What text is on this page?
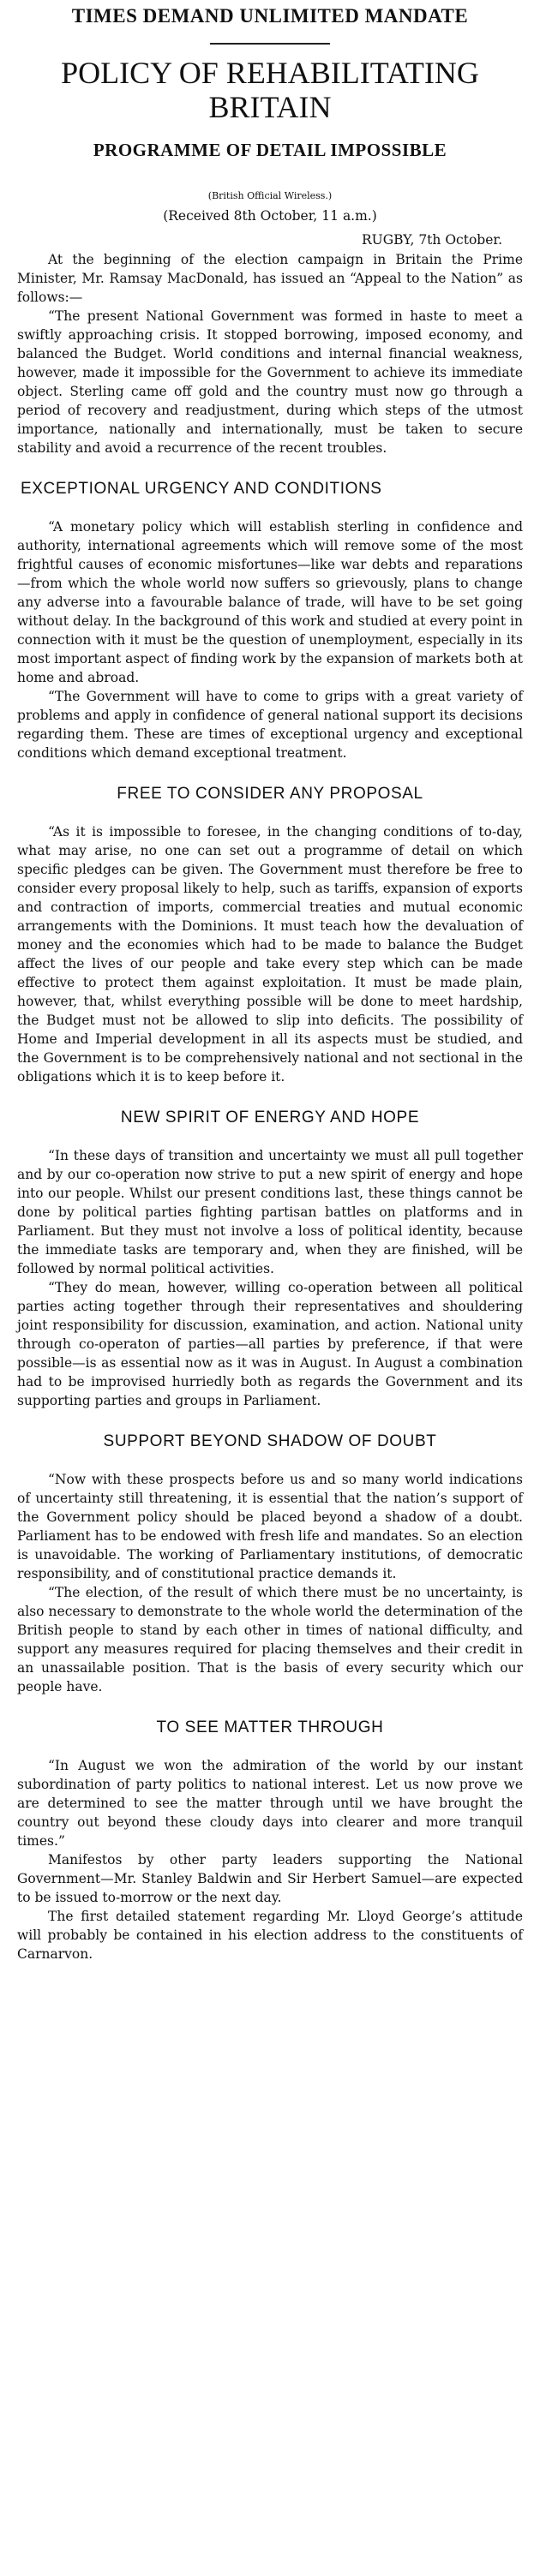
TIMES DEMAND UNLIMITED MANDATE
POLICY OF REHABILITATING BRITAIN
PROGRAMME OF DETAIL IMPOSSIBLE
(British Official Wireless.)
(Received 8th October, 11 a.m.)
RUGBY, 7th October.

At the beginning of the election campaign in Britain the Prime Minister, Mr. Ramsay MacDonald, has issued an “Appeal to the Nation” as follows:—

“The present National Government was formed in haste to meet a swiftly approaching crisis. It stopped borrowing, imposed economy, and balanced the Budget. World conditions and internal financial weakness, however, made it impossible for the Government to achieve its immediate object. Sterling came off gold and the country must now go through a period of recovery and readjustment, during which steps of the utmost importance, nationally and internationally, must be taken to secure stability and avoid a recurrence of the recent troubles.

EXCEPTIONAL URGENCY AND CONDITIONS

“A monetary policy which will establish sterling in confidence and authority, international agreements which will remove some of the most frightful causes of economic misfortunes—like war debts and reparations—from which the whole world now suffers so grievously, plans to change any adverse into a favourable balance of trade, will have to be set going without delay. In the background of this work and studied at every point in connection with it must be the question of unemployment, especially in its most important aspect of finding work by the expansion of markets both at home and abroad.

“The Government will have to come to grips with a great variety of problems and apply in confidence of general national support its decisions regarding them. These are times of exceptional urgency and exceptional conditions which demand exceptional treatment.

FREE TO CONSIDER ANY PROPOSAL

“As it is impossible to foresee, in the changing conditions of to-day, what may arise, no one can set out a programme of detail on which specific pledges can be given. The Government must therefore be free to consider every proposal likely to help, such as tariffs, expansion of exports and contraction of imports, commercial treaties and mutual economic arrangements with the Dominions. It must teach how the devaluation of money and the economies which had to be made to balance the Budget affect the lives of our people and take every step which can be made effective to protect them against exploitation. It must be made plain, however, that, whilst everything possible will be done to meet hardship, the Budget must not be allowed to slip into deficits. The possibility of Home and Imperial development in all its aspects must be studied, and the Government is to be comprehensively national and not sectional in the obligations which it is to keep before it.

NEW SPIRIT OF ENERGY AND HOPE

“In these days of transition and uncertainty we must all pull together and by our co-operation now strive to put a new spirit of energy and hope into our people. Whilst our present conditions last, these things cannot be done by political parties fighting partisan battles on platforms and in Parliament. But they must not involve a loss of political identity, because the immediate tasks are temporary and, when they are finished, will be followed by normal political activities.

“They do mean, however, willing co-operation between all political parties acting together through their representatives and shouldering joint responsibility for discussion, examination, and action. National unity through co-operaton of parties—all parties by preference, if that were possible—is as essential now as it was in August. In August a combination had to be improvised hurriedly both as regards the Government and its supporting parties and groups in Parliament.

SUPPORT BEYOND SHADOW OF DOUBT

“Now with these prospects before us and so many world indications of uncertainty still threatening, it is essential that the nation’s support of the Government policy should be placed beyond a shadow of a doubt. Parliament has to be endowed with fresh life and mandates. So an election is unavoidable. The working of Parliamentary institutions, of democratic responsibility, and of constitutional practice demands it.

“The election, of the result of which there must be no uncertainty, is also necessary to demonstrate to the whole world the determination of the British people to stand by each other in times of national difficulty, and support any measures required for placing themselves and their credit in an unassailable position. That is the basis of every security which our people have.

TO SEE MATTER THROUGH

“In August we won the admiration of the world by our instant subordination of party politics to national interest. Let us now prove we are determined to see the matter through until we have brought the country out beyond these cloudy days into clearer and more tranquil times.”

Manifestos by other party leaders supporting the National Government—Mr. Stanley Baldwin and Sir Herbert Samuel—are expected to be issued to-morrow or the next day.

The first detailed statement regarding Mr. Lloyd George’s attitude will probably be contained in his election address to the constituents of Carnarvon.
